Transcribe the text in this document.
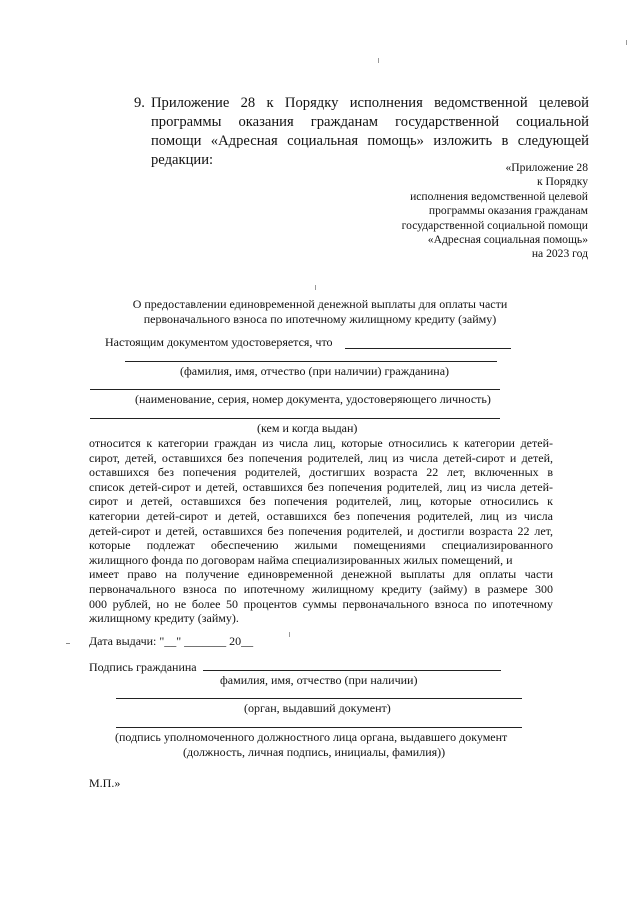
9. Приложение 28 к Порядку исполнения ведомственной целевой
программы оказания гражданам государственной социальной
помощи «Адресная социальная помощь» изложить в следующей
редакции:	«Приложение 28
к Порядку
исполнения ведомственной целевой
программы оказания гражданам
государственной социальной помощи
«Адресная социальная помощь»
на 2023 год
О предоставлении единовременной денежной выплаты для оплаты части
первоначального взноса по ипотечному жилищному кредиту (займу)
Настоящим документом удостоверяется, что
(фамилия, имя, отчество (при наличии) гражданина)
(наименование, серия, номер документа, удостоверяющего личность)
(кем и когда выдан)
относится к категории граждан из числа лиц, которые относились к категории детей-
сирот, детей, оставшихся без попечения родителей, лиц из числа детей-сирот и детей,
оставшихся без попечения родителей, достигших возраста 22 лет, включенных в
список детей-сирот и детей, оставшихся без попечения родителей, лиц из числа детей-
сирот и детей, оставшихся без попечения родителей, лиц, которые относились к
категории детей-сирот и детей, оставшихся без попечения родителей, лиц из числа
детей-сирот и детей, оставшихся без попечения родителей, и достигли возраста 22 лет,
которые подлежат обеспечению жилыми помещениями специализированного
жилищного фонда по договорам найма специализированных жилых помещений, и
имеет право на получение единовременной денежной выплаты для оплаты части
первоначального взноса по ипотечному жилищному кредиту (займу) в размере 300
000 рублей, но не более 50 процентов суммы первоначального взноса по ипотечному
жилищному кредиту (займу).
Дата выдачи: "__" _______ 20__
Подпись гражданина
фамилия, имя, отчество (при наличии)
(орган, выдавший документ)
(подпись уполномоченного должностного лица органа, выдавшего документ
(должность, личная подпись, инициалы, фамилия))
М.П.»
